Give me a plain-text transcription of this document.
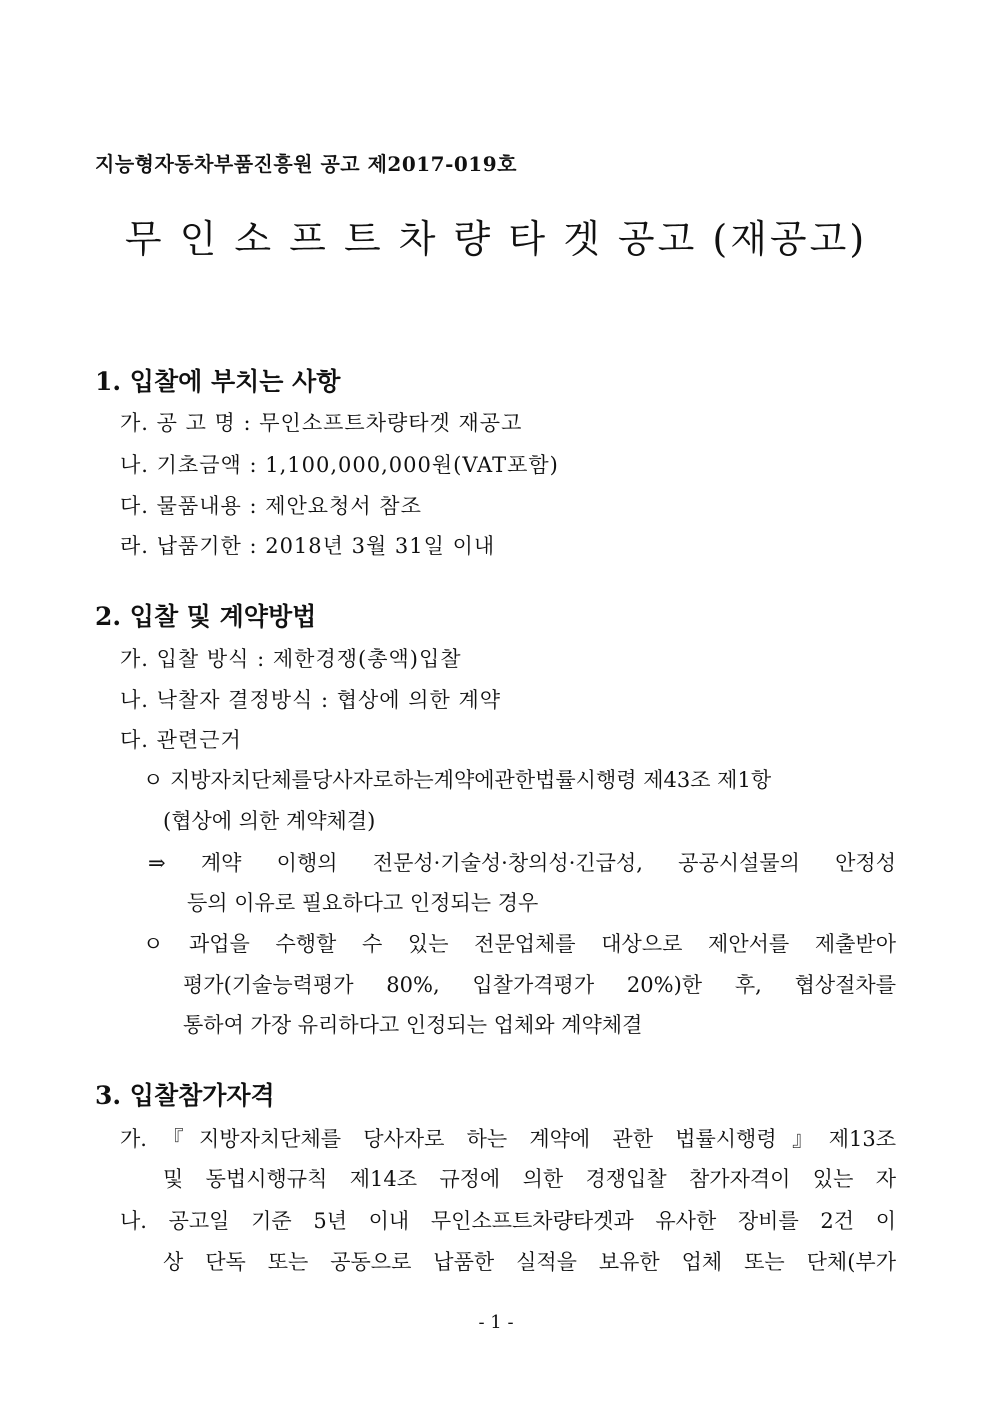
지능형자동차부품진흥원 공고 제2017-019호
무 인 소 프 트 차 량 타 겟 공고 (재공고)
1. 입찰에 부치는 사항
가. 공 고 명 : 무인소프트차량타겟 재공고
나. 기초금액 : 1,100,000,000원(VAT포함)
다. 물품내용 : 제안요청서 참조
라. 납품기한 : 2018년 3월 31일 이내
2. 입찰 및 계약방법
가. 입찰 방식 : 제한경쟁(총액)입찰
나. 낙찰자 결정방식 : 협상에 의한 계약
다. 관련근거
ㅇ 지방자치단체를당사자로하는계약에관한법률시행령 제43조 제1항
(협상에 의한 계약체결)
⇒ 계약 이행의 전문성·기술성·창의성·긴급성, 공공시설물의 안정성
등의 이유로 필요하다고 인정되는 경우
ㅇ 과업을 수행할 수 있는 전문업체를 대상으로 제안서를 제출받아
평가(기술능력평가 80%, 입찰가격평가 20%)한 후, 협상절차를
통하여 가장 유리하다고 인정되는 업체와 계약체결
3. 입찰참가자격
가.『지방자치단체를 당사자로 하는 계약에 관한 법률시행령』제13조
및 동법시행규칙 제14조 규정에 의한 경쟁입찰 참가자격이 있는 자
나. 공고일 기준 5년 이내 무인소프트차량타겟과 유사한 장비를 2건 이
상 단독 또는 공동으로 납품한 실적을 보유한 업체 또는 단체(부가
- 1 -
